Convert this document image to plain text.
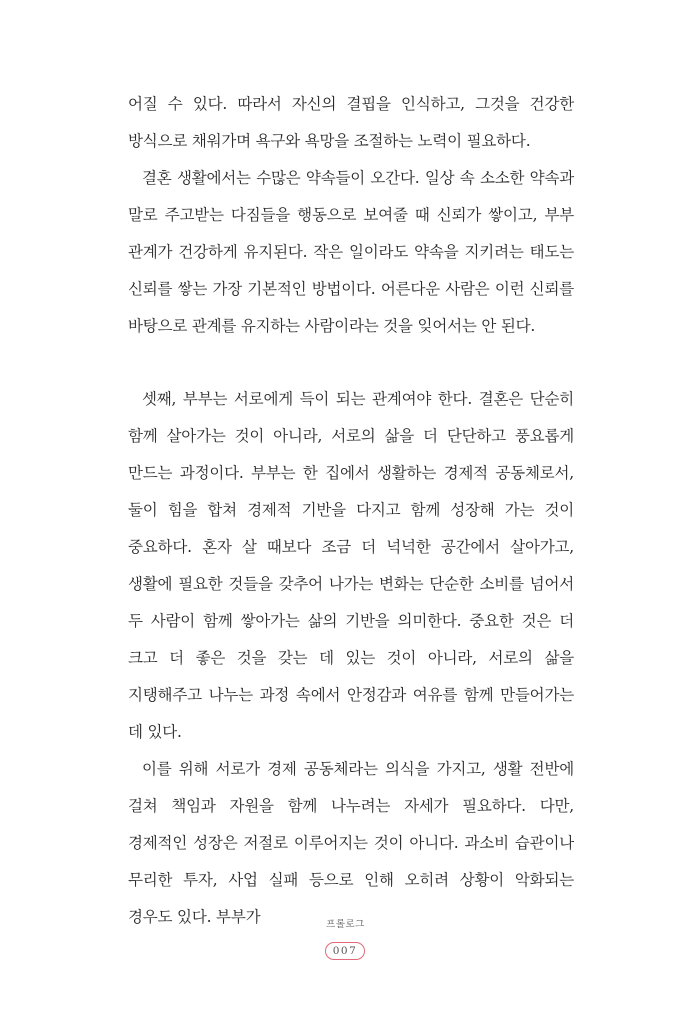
어질 수 있다. 따라서 자신의 결핍을 인식하고, 그것을 건강한 방식으로 채워가며 욕구와 욕망을 조절하는 노력이 필요하다.

결혼 생활에서는 수많은 약속들이 오간다. 일상 속 소소한 약속과 말로 주고받는 다짐들을 행동으로 보여줄 때 신뢰가 쌓이고, 부부 관계가 건강하게 유지된다. 작은 일이라도 약속을 지키려는 태도는 신뢰를 쌓는 가장 기본적인 방법이다. 어른다운 사람은 이런 신뢰를 바탕으로 관계를 유지하는 사람이라는 것을 잊어서는 안 된다.

셋째, 부부는 서로에게 득이 되는 관계여야 한다. 결혼은 단순히 함께 살아가는 것이 아니라, 서로의 삶을 더 단단하고 풍요롭게 만드는 과정이다. 부부는 한 집에서 생활하는 경제적 공동체로서, 둘이 힘을 합쳐 경제적 기반을 다지고 함께 성장해 가는 것이 중요하다. 혼자 살 때보다 조금 더 넉넉한 공간에서 살아가고, 생활에 필요한 것들을 갖추어 나가는 변화는 단순한 소비를 넘어서 두 사람이 함께 쌓아가는 삶의 기반을 의미한다. 중요한 것은 더 크고 더 좋은 것을 갖는 데 있는 것이 아니라, 서로의 삶을 지탱해주고 나누는 과정 속에서 안정감과 여유를 함께 만들어가는 데 있다.

이를 위해 서로가 경제 공동체라는 의식을 가지고, 생활 전반에 걸쳐 책임과 자원을 함께 나누려는 자세가 필요하다. 다만, 경제적인 성장은 저절로 이루어지는 것이 아니다. 과소비 습관이나 무리한 투자, 사업 실패 등으로 인해 오히려 상황이 악화되는 경우도 있다. 부부가	프롤로그
007
